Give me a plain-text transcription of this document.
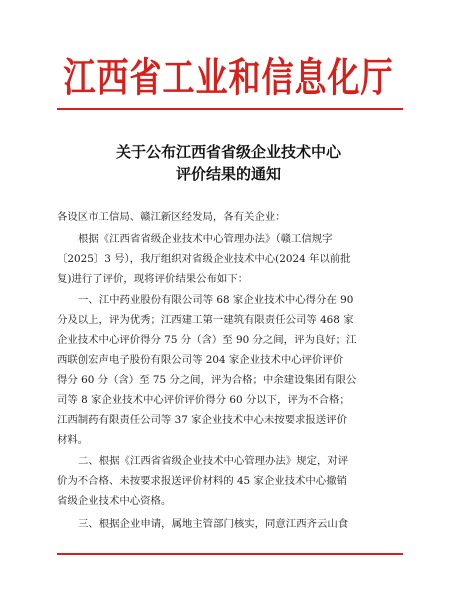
江西省工业和信息化厅
关于公布江西省省级企业技术中心
评价结果的通知
各设区市工信局、赣江新区经发局，各有关企业：
根据《江西省省级企业技术中心管理办法》（赣工信规字
〔2025〕3 号），我厅组织对省级企业技术中心(2024 年以前批
复)进行了评价，现将评价结果公布如下：
一、江中药业股份有限公司等 68 家企业技术中心得分在 90
分及以上，评为优秀；江西建工第一建筑有限责任公司等 468 家
企业技术中心评价得分 75 分（含）至 90 分之间，评为良好；江
西联创宏声电子股份有限公司等 204 家企业技术中心评价评价
得分 60 分（含）至 75 分之间，评为合格；中余建设集团有限公
司等 8 家企业技术中心评价评价得分 60 分以下，评为不合格；
江西制药有限责任公司等 37 家企业技术中心未按要求报送评价
材料。
二、根据《江西省省级企业技术中心管理办法》规定，对评
价为不合格、未按要求报送评价材料的 45 家企业技术中心撤销
省级企业技术中心资格。
三、根据企业申请，属地主管部门核实，同意江西齐云山食
